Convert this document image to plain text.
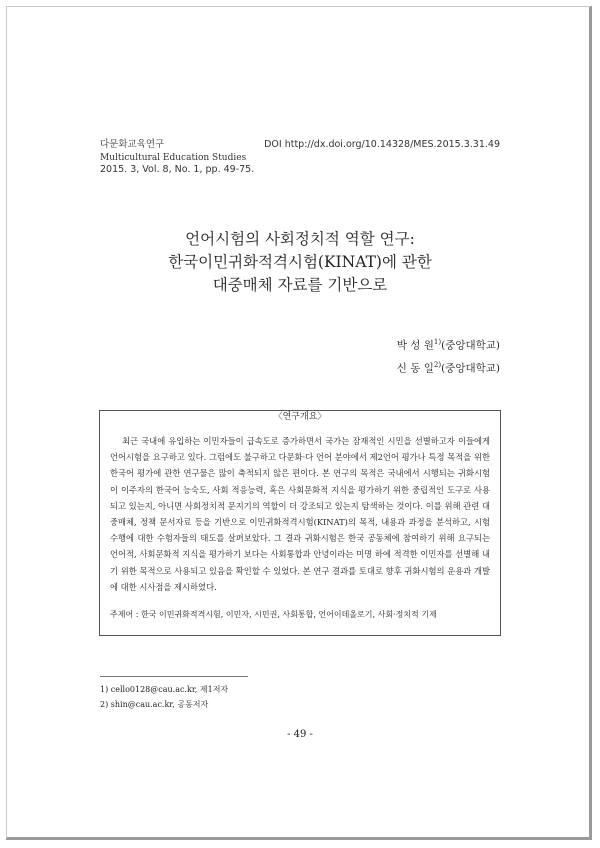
다문화교육연구
Multicultural Education Studies
2015. 3, Vol. 8, No. 1, pp. 49-75.
DOI http://dx.doi.org/10.14328/MES.2015.3.31.49
언어시험의 사회정치적 역할 연구:
한국이민귀화적격시험(KINAT)에 관한
대중매체 자료를 기반으로
박 성 원$^{1)}$(중앙대학교)
신 동 일$^{2)}$(중앙대학교)
〈연구개요〉
최근 국내에 유입하는 이민자들이 급속도로 증가하면서 국가는 잠재적인 시민을 선별하고자 이들에게 언어시험을 요구하고 있다. 그럼에도 불구하고 다문화·다 언어 분야에서 제2언어 평가나 특정 목적을 위한 한국어 평가에 관한 연구물은 많이 축적되지 않은 편이다. 본 연구의 목적은 국내에서 시행되는 귀화시험이 이주자의 한국어 능숙도, 사회 적응능력, 혹은 사회문화적 지식을 평가하기 위한 중립적인 도구로 사용되고 있는지, 아니면 사회정치적 문지기의 역할이 더 강조되고 있는지 탐색하는 것이다. 이를 위해 관련 대중매체, 정책 문서자료 등을 기반으로 이민귀화적격시험(KINAT)의 목적, 내용과 과정을 분석하고, 시험 수행에 대한 수험자들의 태도를 살펴보았다. 그 결과 귀화시험은 한국 공동체에 참여하기 위해 요구되는 언어적, 사회문화적 지식을 평가하기 보다는 사회통합과 안녕이라는 미명 하에 적격한 이민자를 선별해 내기 위한 목적으로 사용되고 있음을 확인할 수 있었다. 본 연구 결과를 토대로 향후 귀화시험의 운용과 개발에 대한 시사점을 제시하였다.
주제어 : 한국 이민귀화적격시험, 이민자, 시민권, 사회통합, 언어이데올로기, 사회·정치적 기제
1) cello0128@cau.ac.kr, 제1저자
2) shin@cau.ac.kr, 공동저자
- 49 -
